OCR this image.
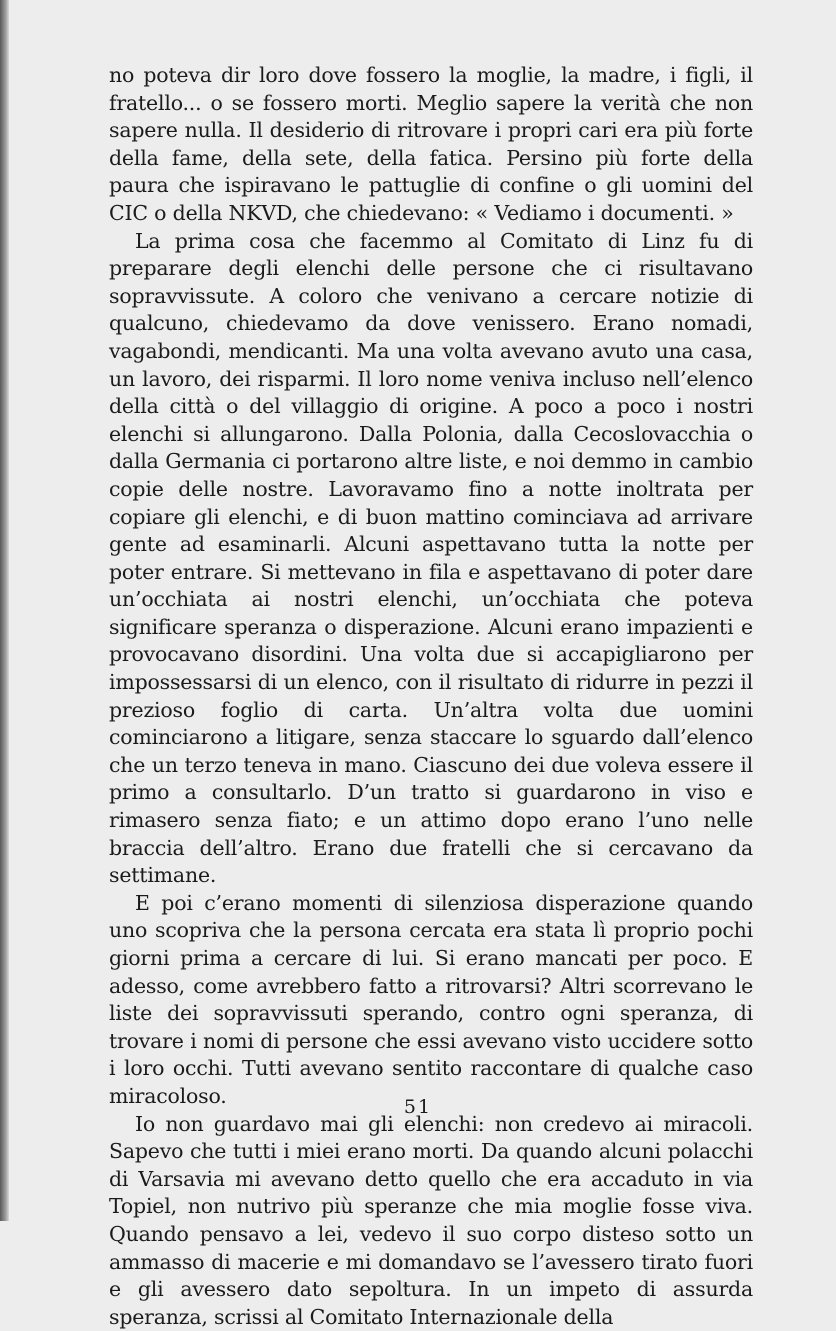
no poteva dir loro dove fossero la moglie, la madre, i figli, il fratello... o se fossero morti. Meglio sapere la verità che non sapere nulla. Il desiderio di ritrovare i propri cari era più forte della fame, della sete, della fatica. Persino più forte della paura che ispiravano le pattuglie di confine o gli uomini del CIC o della NKVD, che chiedevano: « Vediamo i documenti. »

La prima cosa che facemmo al Comitato di Linz fu di preparare degli elenchi delle persone che ci risultavano sopravvissute. A coloro che venivano a cercare notizie di qualcuno, chiedevamo da dove venissero. Erano nomadi, vagabondi, mendicanti. Ma una volta avevano avuto una casa, un lavoro, dei risparmi. Il loro nome veniva incluso nell’elenco della città o del villaggio di origine. A poco a poco i nostri elenchi si allungarono. Dalla Polonia, dalla Cecoslovacchia o dalla Germania ci portarono altre liste, e noi demmo in cambio copie delle nostre. Lavoravamo fino a notte inoltrata per copiare gli elenchi, e di buon mattino cominciava ad arrivare gente ad esaminarli. Alcuni aspettavano tutta la notte per poter entrare. Si mettevano in fila e aspettavano di poter dare un’occhiata ai nostri elenchi, un’occhiata che poteva significare speranza o disperazione. Alcuni erano impazienti e provocavano disordini. Una volta due si accapigliarono per impossessarsi di un elenco, con il risultato di ridurre in pezzi il prezioso foglio di carta. Un’altra volta due uomini cominciarono a litigare, senza staccare lo sguardo dall’elenco che un terzo teneva in mano. Ciascuno dei due voleva essere il primo a consultarlo. D’un tratto si guardarono in viso e rimasero senza fiato; e un attimo dopo erano l’uno nelle braccia dell’altro. Erano due fratelli che si cercavano da settimane.

E poi c’erano momenti di silenziosa disperazione quando uno scopriva che la persona cercata era stata lì proprio pochi giorni prima a cercare di lui. Si erano mancati per poco. E adesso, come avrebbero fatto a ritrovarsi? Altri scorrevano le liste dei sopravvissuti sperando, contro ogni speranza, di trovare i nomi di persone che essi avevano visto uccidere sotto i loro occhi. Tutti avevano sentito raccontare di qualche caso miracoloso.

Io non guardavo mai gli elenchi: non credevo ai miracoli. Sapevo che tutti i miei erano morti. Da quando alcuni polacchi di Varsavia mi avevano detto quello che era accaduto in via Topiel, non nutrivo più speranze che mia moglie fosse viva. Quando pensavo a lei, vedevo il suo corpo disteso sotto un ammasso di macerie e mi domandavo se l’avessero tirato fuori e gli avessero dato sepoltura. In un impeto di assurda speranza, scrissi al Comitato Internazionale della

51
